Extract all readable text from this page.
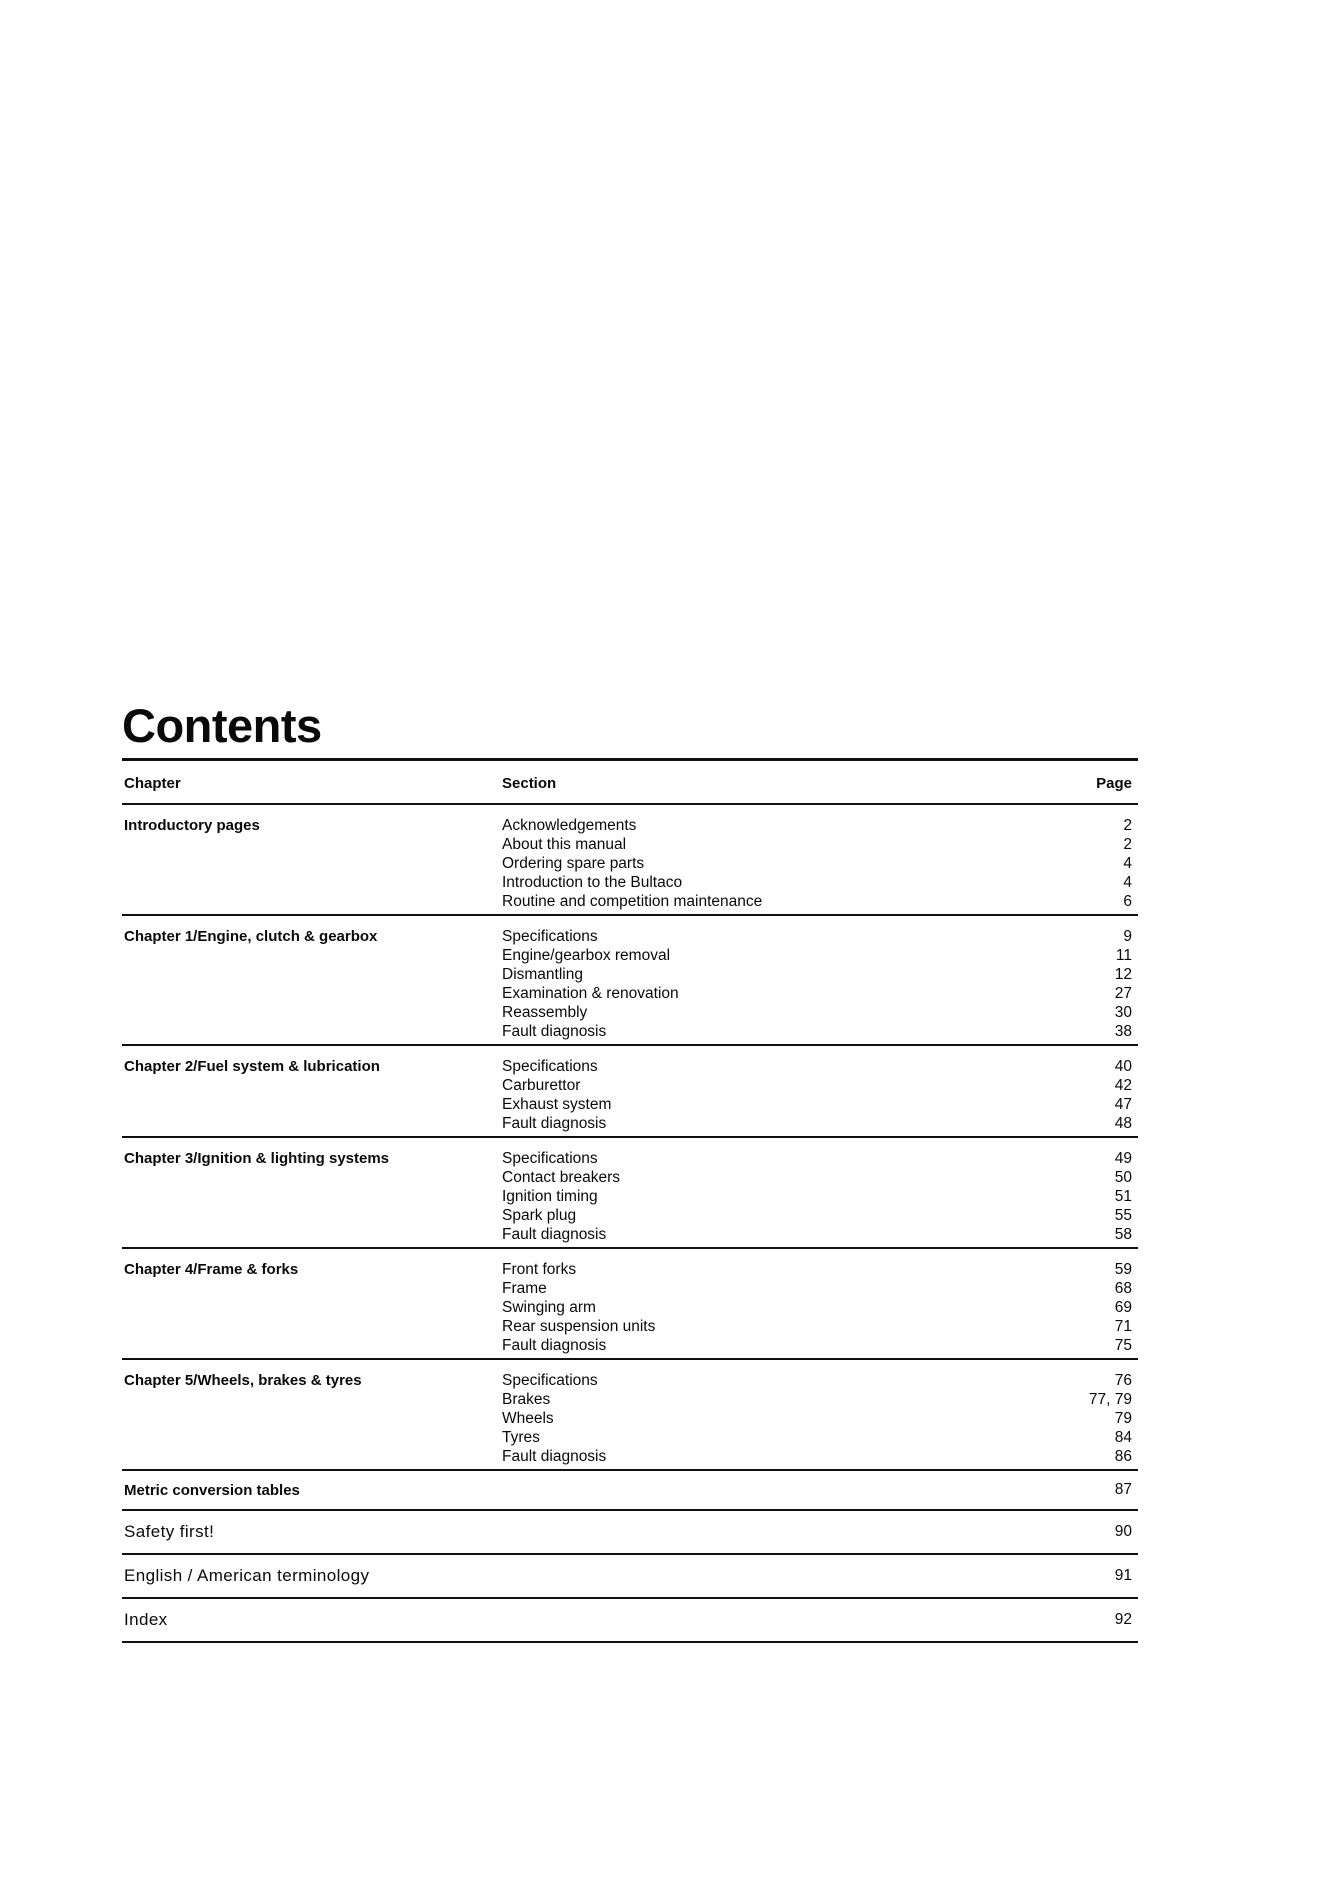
Contents
Chapter	Section	Page
Introductory pages	Acknowledgements	2
About this manual	2
Ordering spare parts	4
Introduction to the Bultaco	4
Routine and competition maintenance	6
Chapter 1/Engine, clutch & gearbox	Specifications	9
Engine/gearbox removal	11
Dismantling	12
Examination & renovation	27
Reassembly	30
Fault diagnosis	38
Chapter 2/Fuel system & lubrication	Specifications	40
Carburettor	42
Exhaust system	47
Fault diagnosis	48
Chapter 3/Ignition & lighting systems	Specifications	49
Contact breakers	50
Ignition timing	51
Spark plug	55
Fault diagnosis	58
Chapter 4/Frame & forks	Front forks	59
Frame	68
Swinging arm	69
Rear suspension units	71
Fault diagnosis	75
Chapter 5/Wheels, brakes & tyres	Specifications	76
Brakes	77, 79
Wheels	79
Tyres	84
Fault diagnosis	86
Metric conversion tables	87
Safety first!	90
English / American terminology	91
Index	92
